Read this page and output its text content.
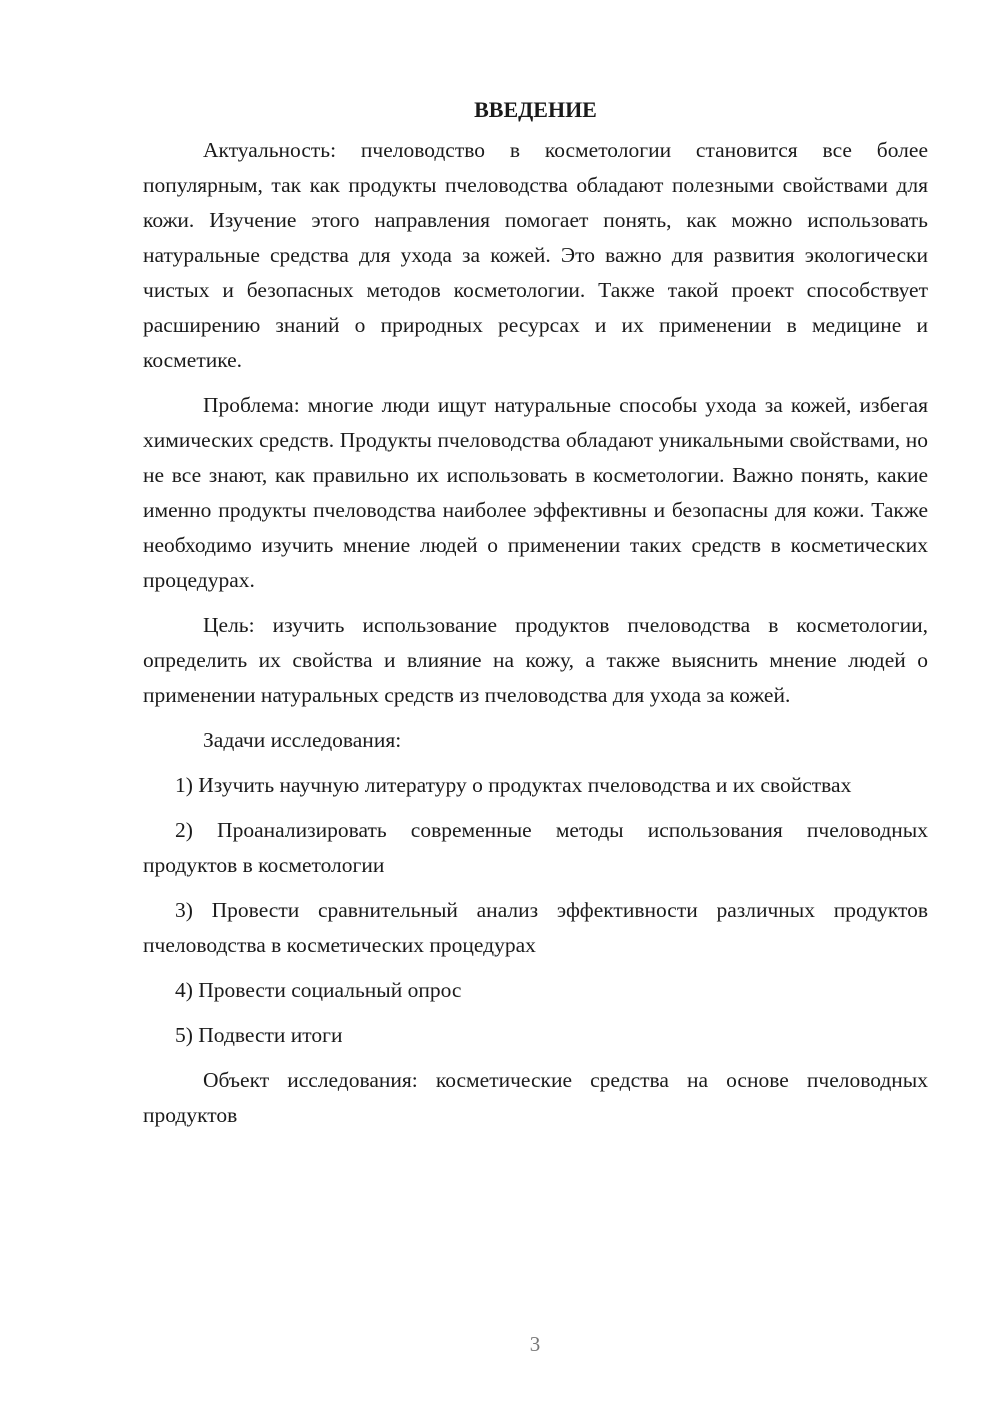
ВВЕДЕНИЕ

Актуальность: пчеловодство в косметологии становится все более популярным, так как продукты пчеловодства обладают полезными свойствами для кожи. Изучение этого направления помогает понять, как можно использовать натуральные средства для ухода за кожей. Это важно для развития экологически чистых и безопасных методов косметологии. Также такой проект способствует расширению знаний о природных ресурсах и их применении в медицине и косметике.

Проблема: многие люди ищут натуральные способы ухода за кожей, избегая химических средств. Продукты пчеловодства обладают уникальными свойствами, но не все знают, как правильно их использовать в косметологии. Важно понять, какие именно продукты пчеловодства наиболее эффективны и безопасны для кожи. Также необходимо изучить мнение людей о применении таких средств в косметических процедурах.

Цель: изучить использование продуктов пчеловодства в косметологии, определить их свойства и влияние на кожу, а также выяснить мнение людей о применении натуральных средств из пчеловодства для ухода за кожей.

Задачи исследования:

1) Изучить научную литературу о продуктах пчеловодства и их свойствах

2) Проанализировать современные методы использования пчеловодных продуктов в косметологии

3) Провести сравнительный анализ эффективности различных продуктов пчеловодства в косметических процедурах

4) Провести социальный опрос

5) Подвести итоги

Объект исследования: косметические средства на основе пчеловодных продуктов

3
